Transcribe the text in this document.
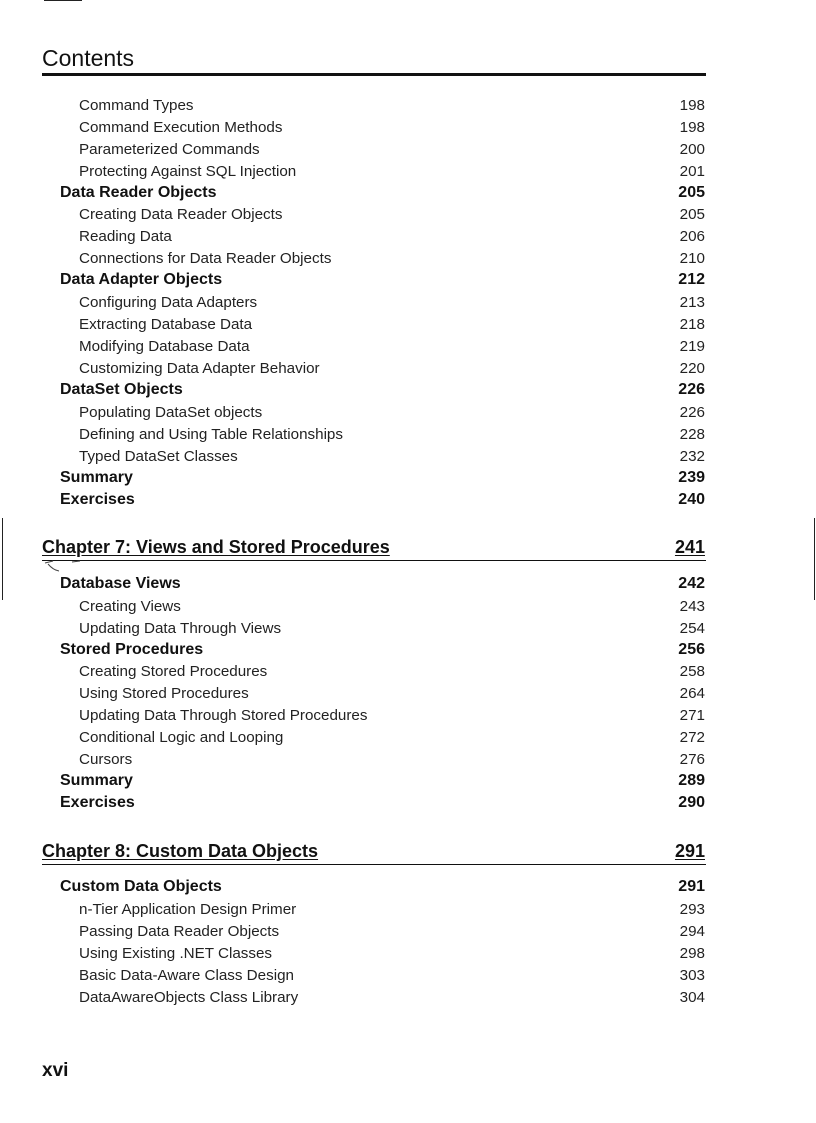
Contents
Command Types	198
Command Execution Methods	198
Parameterized Commands	200
Protecting Against SQL Injection	201
Data Reader Objects	205
Creating Data Reader Objects	205
Reading Data	206
Connections for Data Reader Objects	210
Data Adapter Objects	212
Configuring Data Adapters	213
Extracting Database Data	218
Modifying Database Data	219
Customizing Data Adapter Behavior	220
DataSet Objects	226
Populating DataSet objects	226
Defining and Using Table Relationships	228
Typed DataSet Classes	232
Summary	239
Exercises	240
Chapter 7: Views and Stored Procedures	241
Database Views	242
Creating Views	243
Updating Data Through Views	254
Stored Procedures	256
Creating Stored Procedures	258
Using Stored Procedures	264
Updating Data Through Stored Procedures	271
Conditional Logic and Looping	272
Cursors	276
Summary	289
Exercises	290
Chapter 8: Custom Data Objects	291
Custom Data Objects	291
n-Tier Application Design Primer	293
Passing Data Reader Objects	294
Using Existing .NET Classes	298
Basic Data-Aware Class Design	303
DataAwareObjects Class Library	304
xvi
